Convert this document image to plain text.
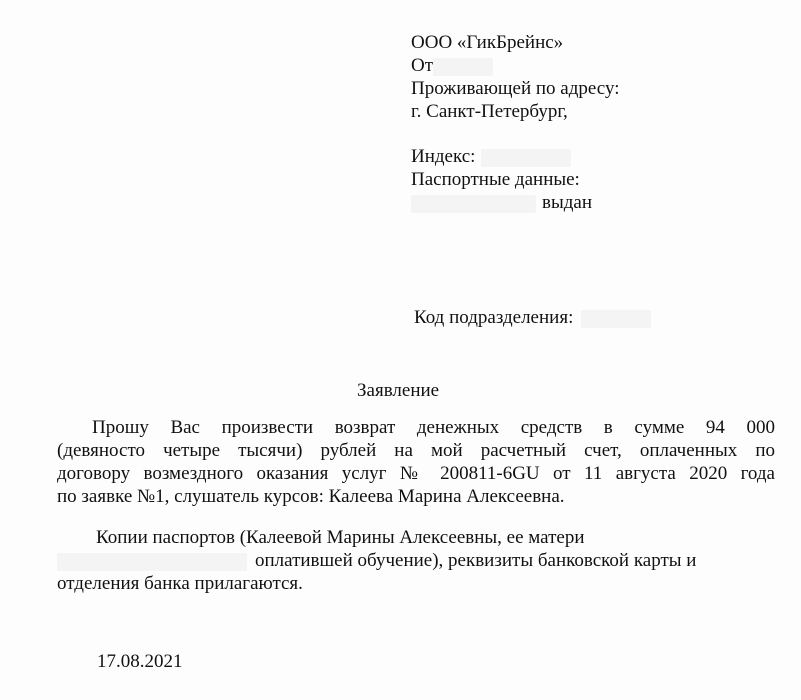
ООО «ГикБрейнс»
От
Проживающей по адресу:
г. Санкт-Петербург,
Индекс:
Паспортные данные:
выдан
Код подразделения:
Заявление
Прошу Вас произвести возврат денежных средств в сумме 94 000
(девяносто четыре тысячи) рублей на мой расчетный счет, оплаченных по
договору возмездного оказания услуг № 200811-6GU от 11 августа 2020 года
по заявке №1, слушатель курсов: Калеева Марина Алексеевна.
Копии паспортов (Калеевой Марины Алексеевны, ее матери
оплатившей обучение), реквизиты банковской карты и
отделения банка прилагаются.
17.08.2021
